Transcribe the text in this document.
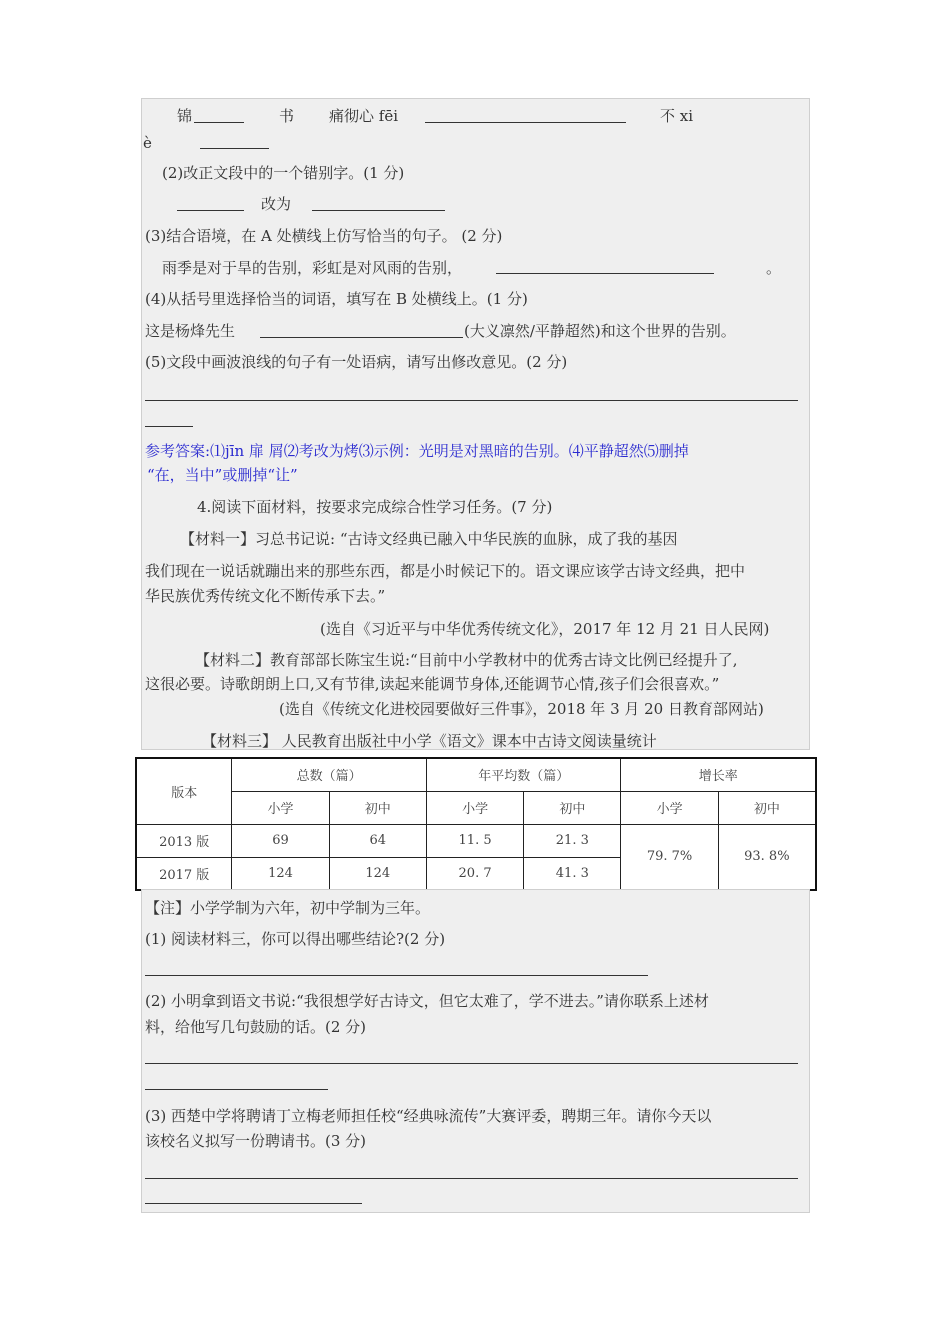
锦	书 痛彻心 fēi	不 xi
è
(2)改正文段中的一个错别字。(1 分)
改为
(3)结合语境，在 A 处横线上仿写恰当的句子。 (2 分)
雨季是对于旱的告别，彩虹是对风雨的告别，	。
(4)从括号里选择恰当的词语，填写在 B 处横线上。(1 分)
这是杨烽先生	(大义凛然/平静超然)和这个世界的告别。
(5)文段中画波浪线的句子有一处语病，请写出修改意见。(2 分)
参考答案:⑴jīn 扉 屑⑵考改为烤⑶示例：光明是对黑暗的告别。⑷平静超然⑸删掉
“在，当中”或删掉“让”
4.阅读下面材料，按要求完成综合性学习任务。(7 分)
【材料一】习总书记说: “古诗文经典已融入中华民族的血脉，成了我的基因
我们现在一说话就蹦出来的那些东西，都是小时候记下的。语文课应该学古诗文经典，把中
华民族优秀传统文化不断传承下去。”
(选自《习近平与中华优秀传统文化》，2017 年 12 月 21 日人民网)
【材料二】教育部部长陈宝生说:“目前中小学教材中的优秀古诗文比例已经提升了,
这很必要。诗歌朗朗上口,又有节律,读起来能调节身体,还能调节心情,孩子们会很喜欢。”
(选自《传统文化进校园要做好三件事》，2018 年 3 月 20 日教育部网站)
【材料三】 人民教育出版社中小学《语文》课本中古诗文阅读量统计
版本	总数（篇）		年平均数（篇）		增长率	
	小学	初中	小学	初中	小学	初中
2013 版	69	64	11. 5	21. 3	79. 7%	93. 8%
2017 版	124	124	20. 7	41. 3		
【注】小学学制为六年，初中学制为三年。
(1) 阅读材料三，你可以得出哪些结论?(2 分)
(2) 小明拿到语文书说:“我很想学好古诗文，但它太难了，学不进去。”请你联系上述材
料，给他写几句鼓励的话。(2 分)
(3) 西楚中学将聘请丁立梅老师担任校“经典咏流传”大赛评委，聘期三年。请你今天以
该校名义拟写一份聘请书。(3 分)
